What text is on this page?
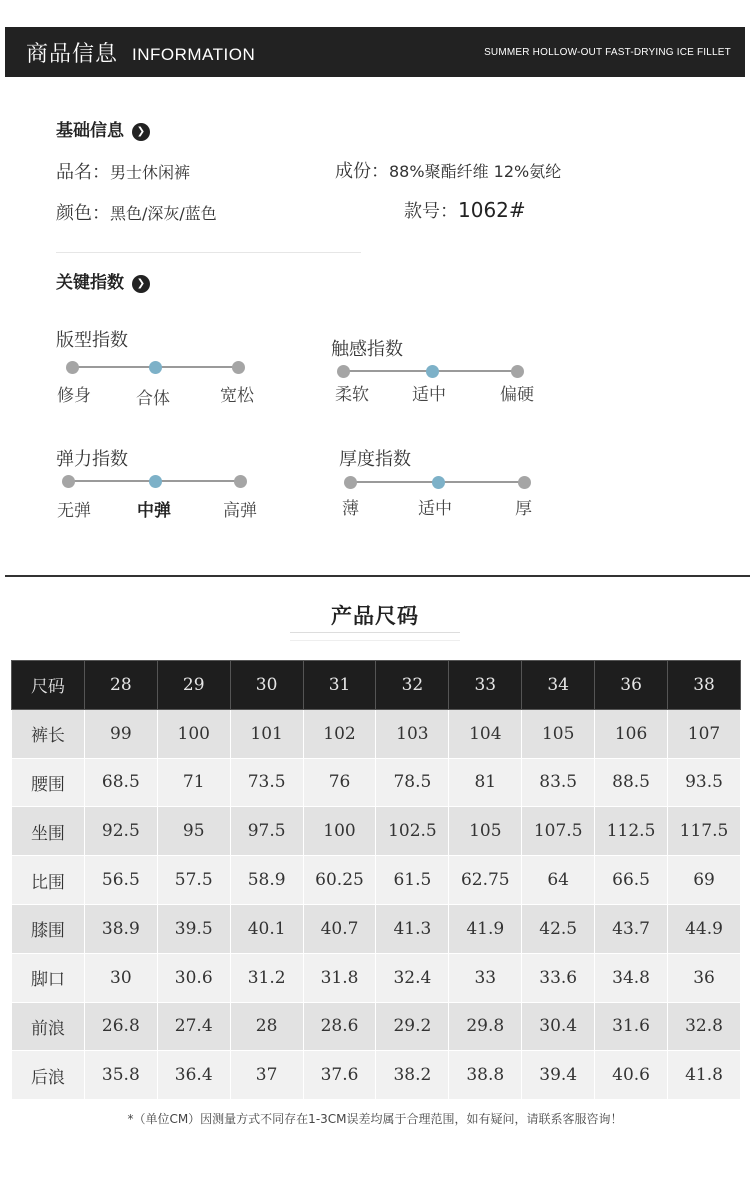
商品信息 INFORMATION	SUMMER HOLLOW-OUT FAST-DRYING ICE FILLET
基础信息 ❯
品名：男士休闲裤	成份：88%聚酯纤维 12%氨纶
颜色：黑色/深灰/蓝色	款号：1062#
关键指数 ❯
版型指数
修身	合体	宽松
触感指数
柔软	适中	偏硬
弹力指数
无弹	中弹	高弹
厚度指数
薄	适中	厚
产品尺码
尺码	28	29	30	31	32	33	34	36	38
裤长	99	100	101	102	103	104	105	106	107
腰围	68.5	71	73.5	76	78.5	81	83.5	88.5	93.5
坐围	92.5	95	97.5	100	102.5	105	107.5	112.5	117.5
比围	56.5	57.5	58.9	60.25	61.5	62.75	64	66.5	69
膝围	38.9	39.5	40.1	40.7	41.3	41.9	42.5	43.7	44.9
脚口	30	30.6	31.2	31.8	32.4	33	33.6	34.8	36
前浪	26.8	27.4	28	28.6	29.2	29.8	30.4	31.6	32.8
后浪	35.8	36.4	37	37.6	38.2	38.8	39.4	40.6	41.8
*（单位CM）因测量方式不同存在1-3CM误差均属于合理范围，如有疑问，请联系客服咨询！
